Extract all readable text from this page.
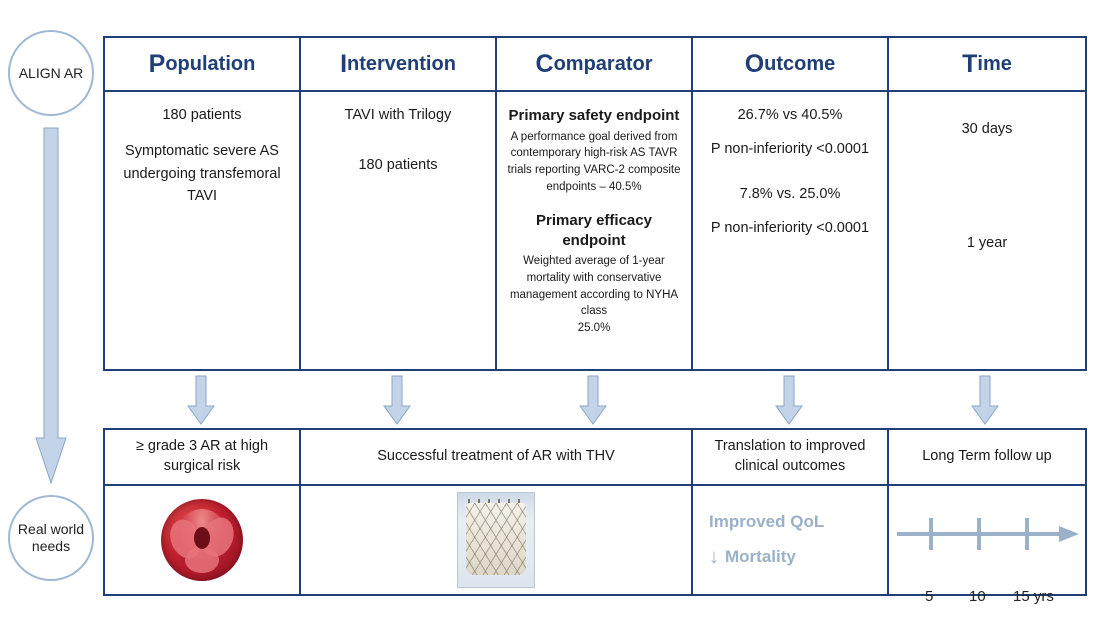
ALIGN AR
Real world needs
P opulation

180 patients

Symptomatic severe AS undergoing transfemoral TAVI

I ntervention

TAVI with Trilogy

180 patients

C omparator
Primary safety endpoint
A performance goal derived from contemporary high-risk AS TAVR trials reporting VARC-2 composite endpoints – 40.5%
Primary efficacy endpoint
Weighted average of 1-year mortality with conservative management according to NYHA class
25.0%
O utcome

26.7% vs 40.5%

P non-inferiority <0.0001

7.8% vs. 25.0%

P non-inferiority <0.0001

T ime

30 days

1 year

≥ grade 3 AR at high surgical risk
Successful treatment of AR with THV
Translation to improved clinical outcomes
Improved QoL
↓ Mortality
Long Term follow up
5 10 15 yrs
